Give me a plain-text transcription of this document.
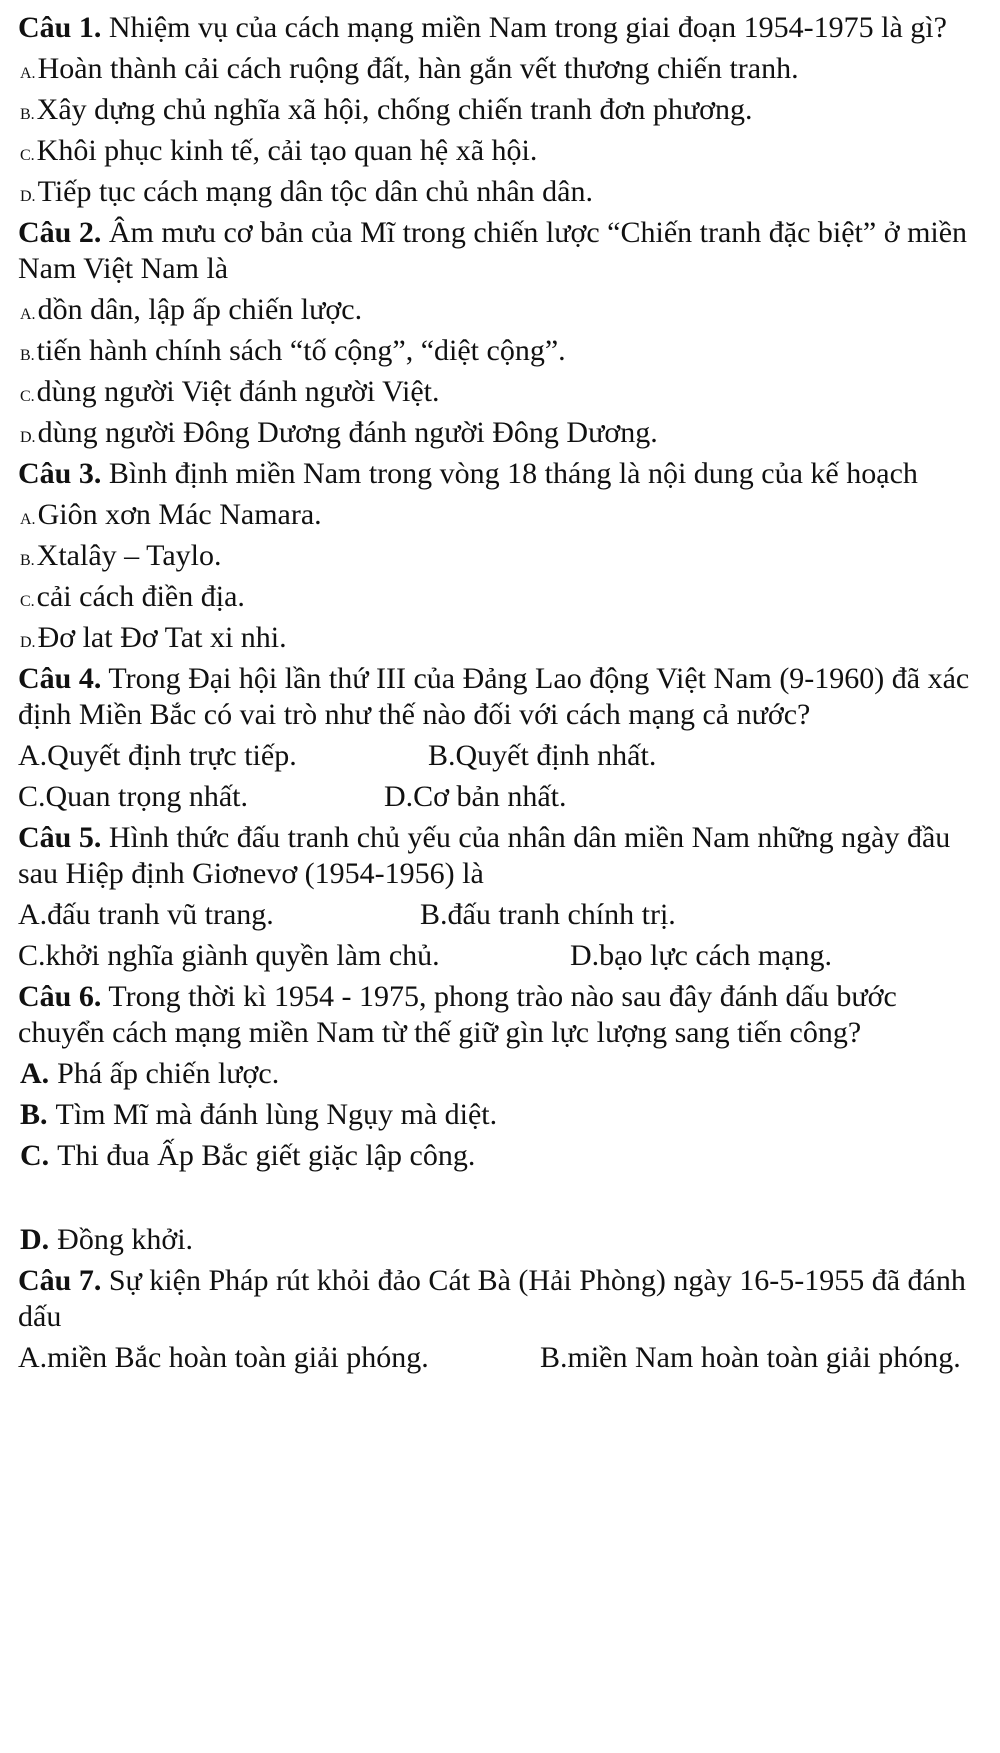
Câu 1. Nhiệm vụ của cách mạng miền Nam trong giai đoạn 1954-1975 là gì?
A.Hoàn thành cải cách ruộng đất, hàn gắn vết thương chiến tranh.
B.Xây dựng chủ nghĩa xã hội, chống chiến tranh đơn phương.
C.Khôi phục kinh tế, cải tạo quan hệ xã hội.
D.Tiếp tục cách mạng dân tộc dân chủ nhân dân.
Câu 2. Âm mưu cơ bản của Mĩ trong chiến lược “Chiến tranh đặc biệt” ở miền Nam Việt Nam là
A.dồn dân, lập ấp chiến lược.
B.tiến hành chính sách “tố cộng”, “diệt cộng”.
C.dùng người Việt đánh người Việt.
D.dùng người Đông Dương đánh người Đông Dương.
Câu 3. Bình định miền Nam trong vòng 18 tháng là nội dung của kế hoạch
A.Giôn xơn Mác Namara.
B.Xtalây – Taylo.
C.cải cách điền địa.
D.Đơ lat Đơ Tat xi nhi.
Câu 4. Trong Đại hội lần thứ III của Đảng Lao động Việt Nam (9-1960) đã xác định Miền Bắc có vai trò như thế nào đối với cách mạng cả nước?
A.Quyết định trực tiếp.	B.Quyết định nhất.
C.Quan trọng nhất.	D.Cơ bản nhất.
Câu 5. Hình thức đấu tranh chủ yếu của nhân dân miền Nam những ngày đầu sau Hiệp định Giơnevơ (1954-1956) là
A.đấu tranh vũ trang.	B.đấu tranh chính trị.
C.khởi nghĩa giành quyền làm chủ.	D.bạo lực cách mạng.
Câu 6. Trong thời kì 1954 - 1975, phong trào nào sau đây đánh dấu bước chuyển cách mạng miền Nam từ thế giữ gìn lực lượng sang tiến công?
A. Phá ấp chiến lược.
B. Tìm Mĩ mà đánh lùng Ngụy mà diệt.
C. Thi đua Ấp Bắc giết giặc lập công.
D. Đồng khởi.
Câu 7. Sự kiện Pháp rút khỏi đảo Cát Bà (Hải Phòng) ngày 16-5-1955 đã đánh dấu
A.miền Bắc hoàn toàn giải phóng.	B.miền Nam hoàn toàn giải phóng.
